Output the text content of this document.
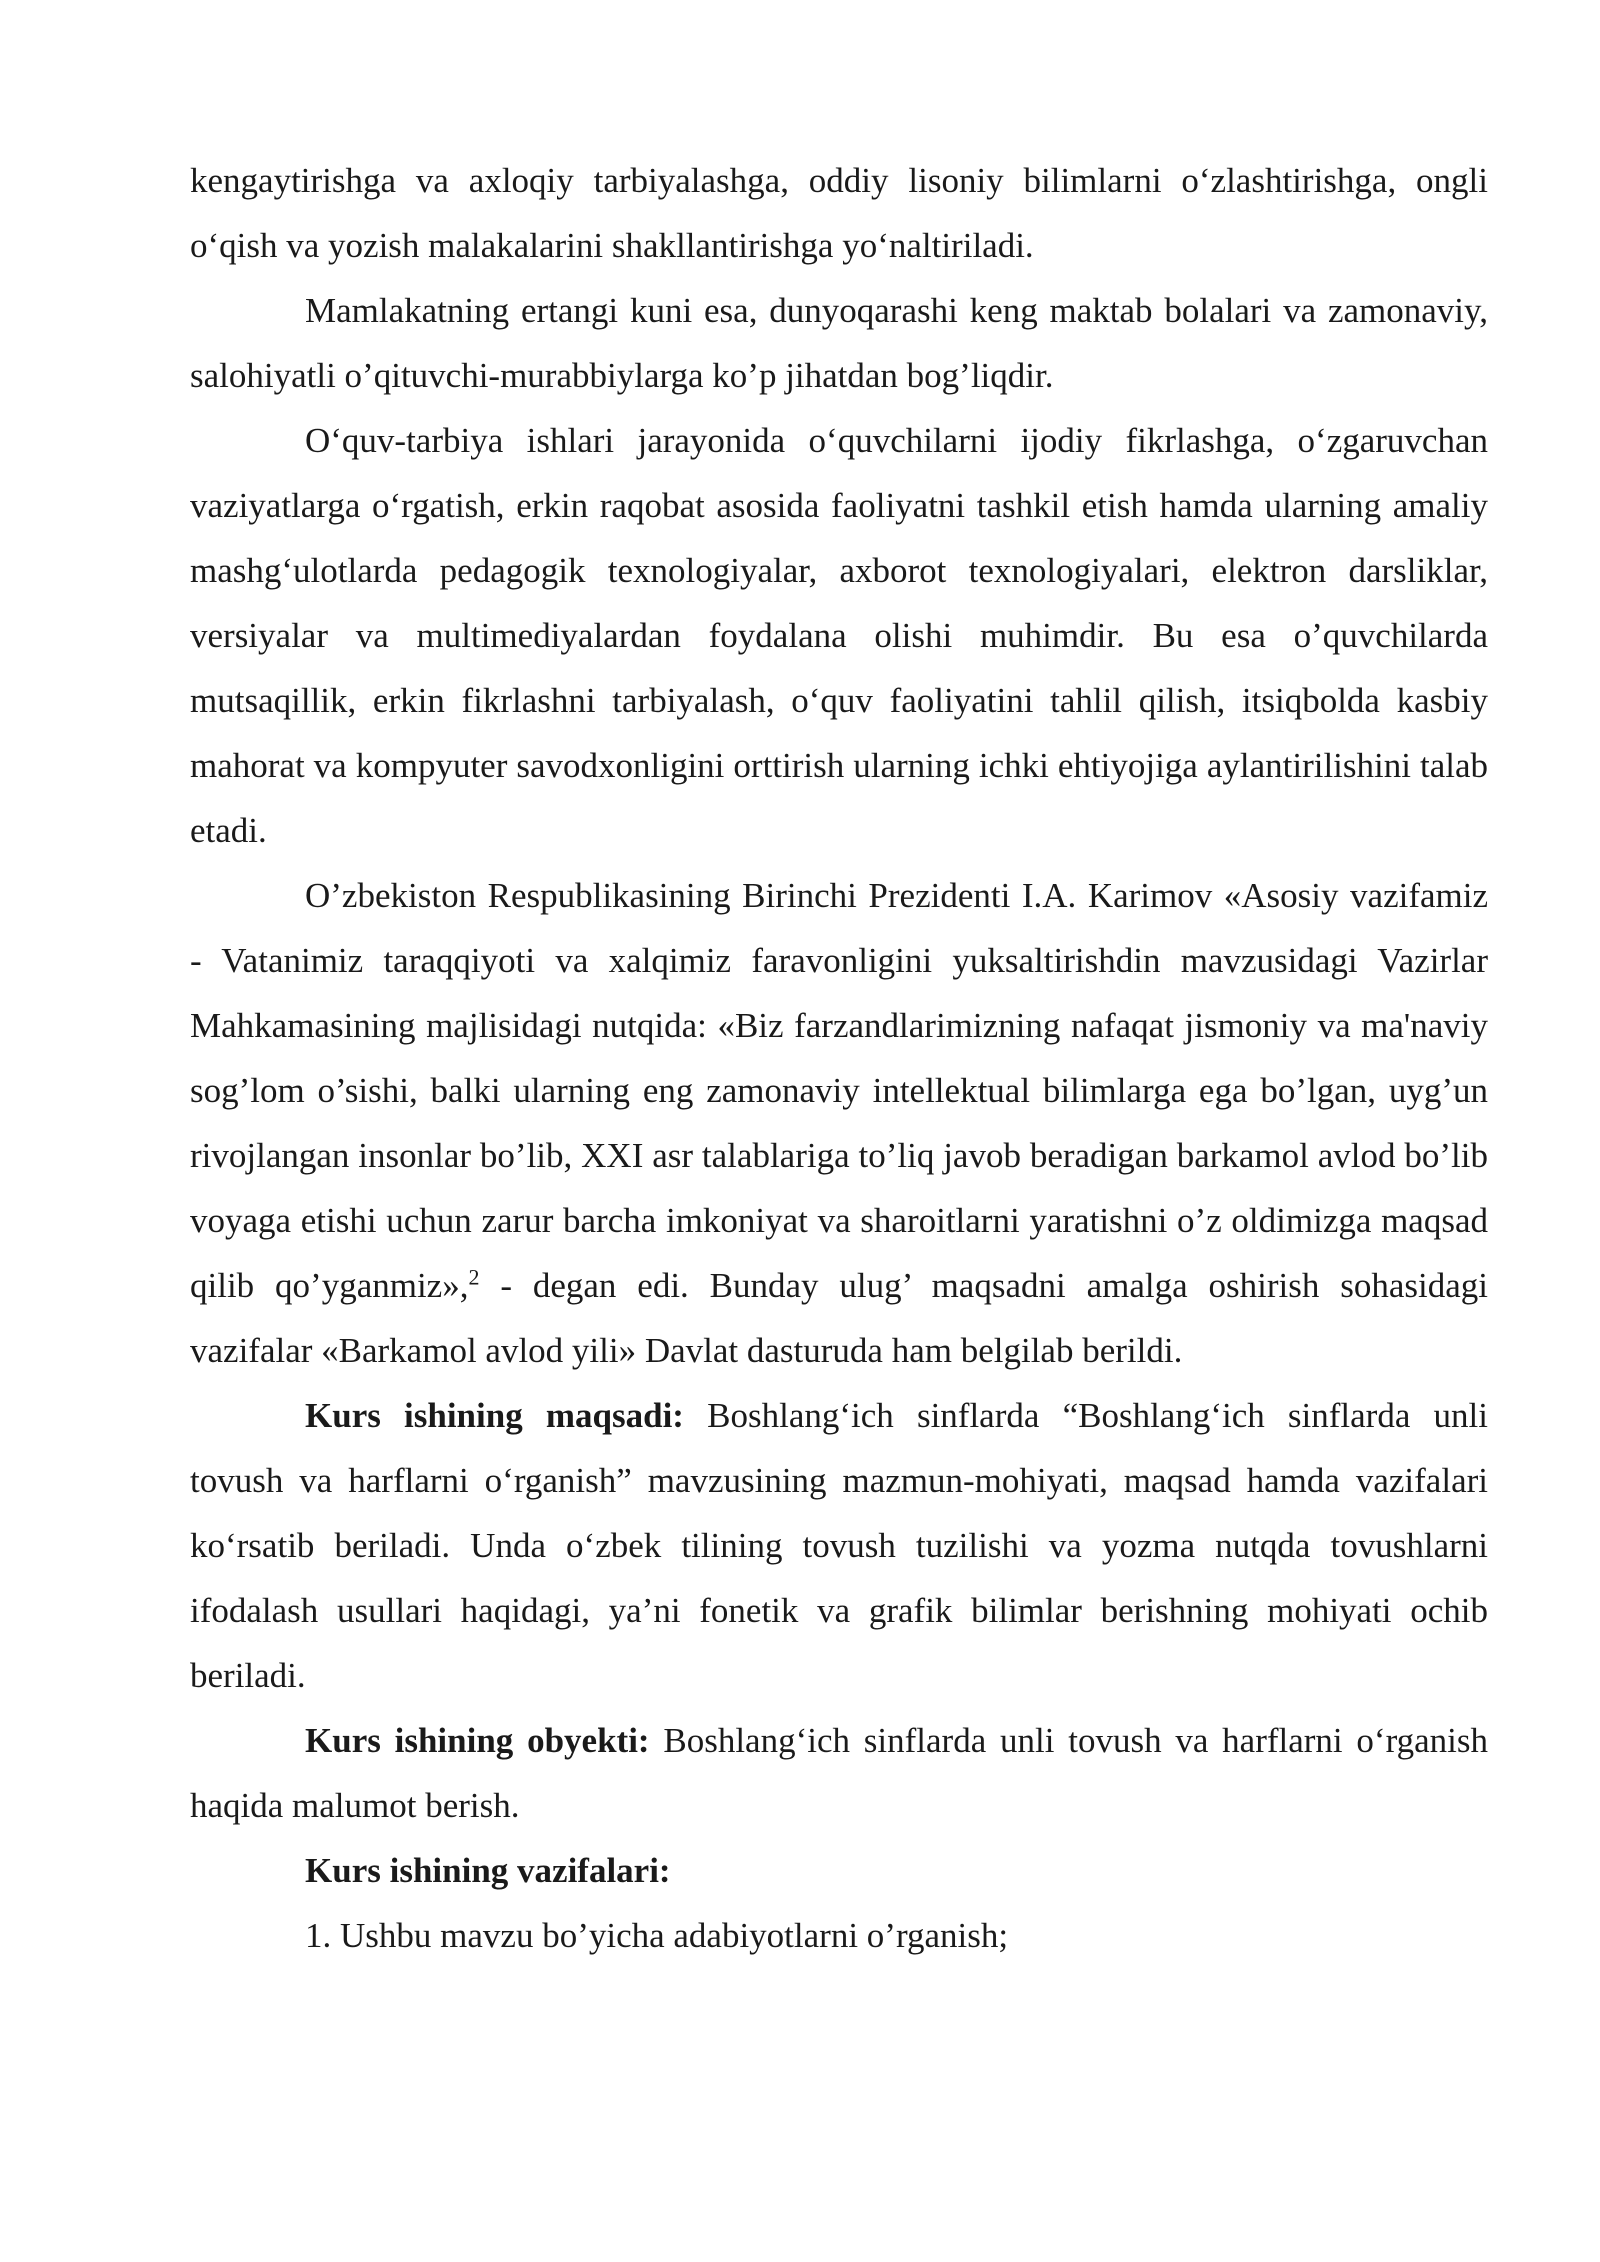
kengaytirishga va axloqiy tarbiyalashga, oddiy lisoniy bilimlarni o‘zlashtirishga, ongli o‘qish va yozish malakalarini shakllantirishga yo‘naltiriladi.

Mamlakatning ertangi kuni esa, dunyoqarashi keng maktab bolalari va zamonaviy, salohiyatli o’qituvchi-murabbiylarga ko’p jihatdan bog’liqdir.

O‘quv-tarbiya ishlari jarayonida o‘quvchilarni ijodiy fikrlashga, o‘zgaruvchan vaziyatlarga o‘rgatish, erkin raqobat asosida faoliyatni tashkil etish hamda ularning amaliy mashg‘ulotlarda pedagogik texnologiyalar, axborot texnologiyalari, elektron darsliklar, versiyalar va multimediyalardan foydalana olishi muhimdir. Bu esa o’quvchilarda mutsaqillik, erkin fikrlashni tarbiyalash, o‘quv faoliyatini tahlil qilish, itsiqbolda kasbiy mahorat va kompyuter savodxonligini orttirish ularning ichki ehtiyojiga aylantirilishini talab etadi.

O’zbekiston Respublikasining Birinchi Prezidenti I.A. Karimov «Asosiy vazifamiz - Vatanimiz taraqqiyoti va xalqimiz faravonligini yuksaltirishdin mavzusidagi Vazirlar Mahkamasining majlisidagi nutqida: «Biz farzandlarimizning nafaqat jismoniy va ma'naviy sog’lom o’sishi, balki ularning eng zamonaviy intellektual bilimlarga ega bo’lgan, uyg’un rivojlangan insonlar bo’lib, XXI asr talablariga to’liq javob beradigan barkamol avlod bo’lib voyaga etishi uchun zarur barcha imkoniyat va sharoitlarni yaratishni o’z oldimizga maqsad qilib qo’yganmiz»,$^2$ - degan edi. Bunday ulug’ maqsadni amalga oshirish sohasidagi vazifalar «Barkamol avlod yili» Davlat dasturuda ham belgilab berildi.

Kurs ishining maqsadi: Boshlang‘ich sinflarda “Boshlang‘ich sinflarda unli tovush va harflarni o‘rganish” mavzusining mazmun-mohiyati, maqsad hamda vazifalari ko‘rsatib beriladi. Unda o‘zbek tilining tovush tuzilishi va yozma nutqda tovushlarni ifodalash usullari haqidagi, ya’ni fonetik va grafik bilimlar berishning mohiyati ochib beriladi.

Kurs ishining obyekti: Boshlang‘ich sinflarda unli tovush va harflarni o‘rganish haqida malumot berish.

Kurs ishining vazifalari:

1. Ushbu mavzu bo’yicha adabiyotlarni o’rganish;
